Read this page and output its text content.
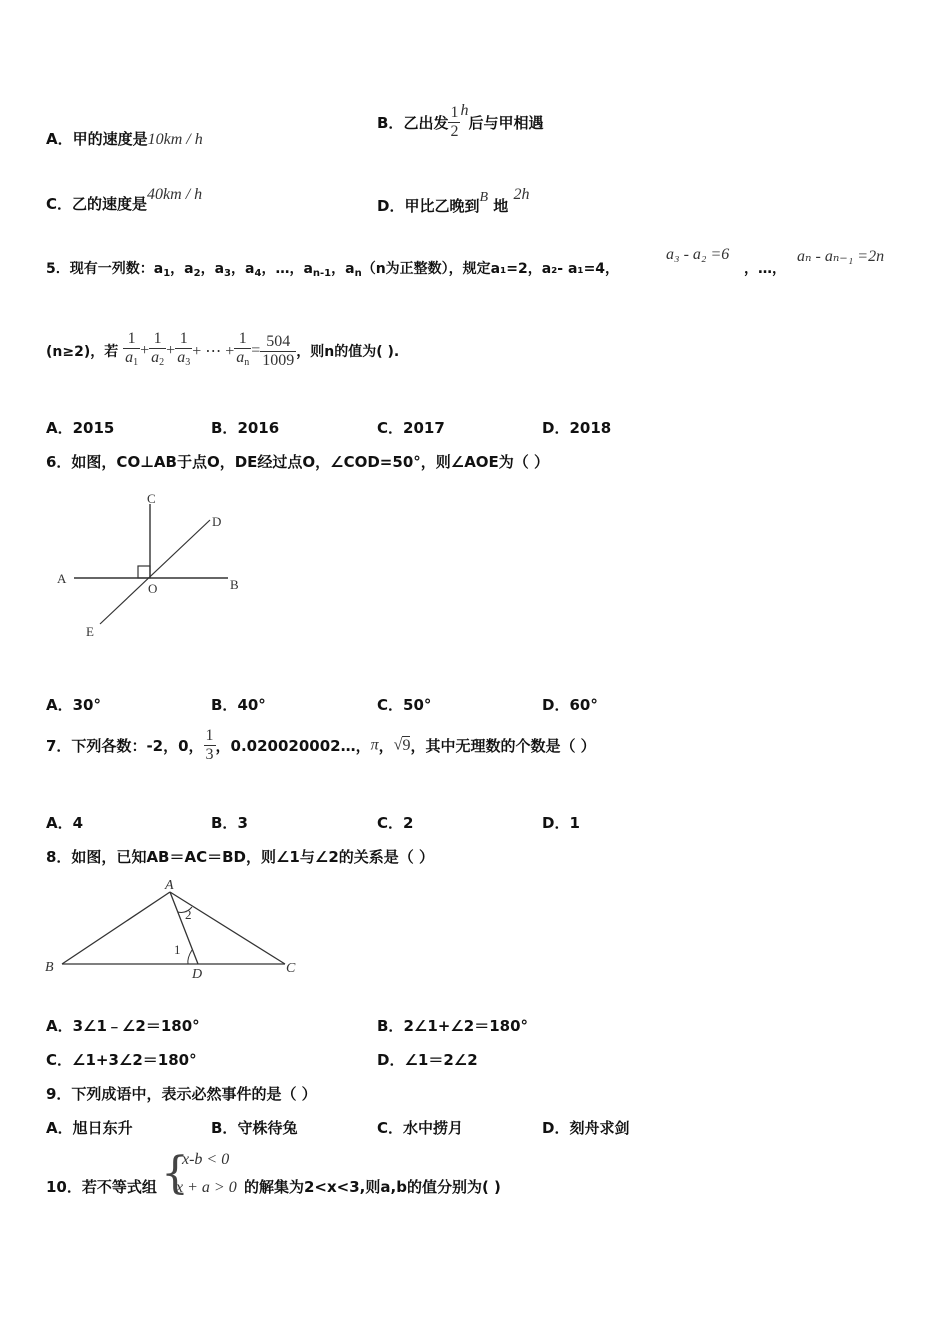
A．甲的速度是10km / h
B．乙出发 $\frac{1}{2}$ h后与甲相遇
C．乙的速度是40km / h
D．甲比乙晚到B 地 2h
5．现有一列数：$a_1$，$a_2$，$a_3$，$a_4$，…，$a_{n-1}$，$a_n(n$为正整数），规定a₁=2，a₂- a₁=4，
a₃ - a₂ =6
，…，
aₙ - aₙ₋₁ =2n
(n≥2)，若 $\frac{1}{a_1} + \frac{1}{a_2} + \frac{1}{a_3}$ + ⋯ + $\frac{1}{a_n} = \frac{504}{1009}$ ，则n的值为( ).
A．2015	B．2016	C．2017	D．2018
6．如图，CO⊥AB于点O，DE经过点O，∠COD=50°，则∠AOE为（ ）
A	B
C
D
E
O
A．30°	B．40°	C．50°	D．60°
7．下列各数：-2，0， $\frac{1}{3}$ ，0.020020002…，π，√9，其中无理数的个数是（ ）
A．4	B．3	C．2	D．1
8．如图，已知AB＝AC＝BD，则∠1与∠2的关系是（ ）
A
B	C
D
1
2
A．3∠1﹣∠2＝180°	B．2∠1+∠2＝180°
C．∠1+3∠2＝180°	D．∠1＝2∠2
9．下列成语中，表示必然事件的是（ ）
A．旭日东升	B．守株待兔	C．水中捞月	D．刻舟求剑
10．若不等式组 {
x-b < 0
x + a > 0 的解集为2<x<3,则a,b的值分别为( )
